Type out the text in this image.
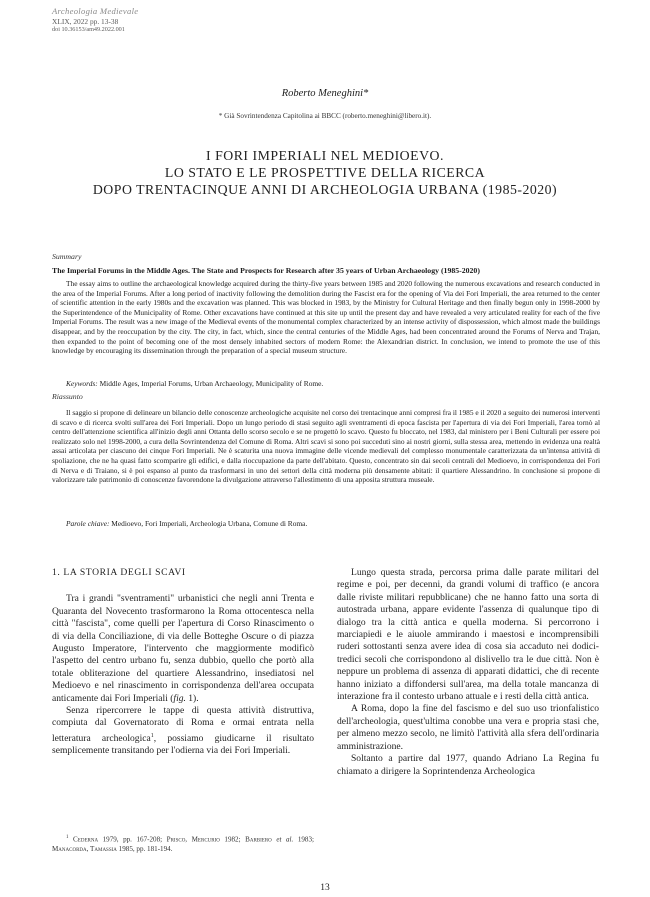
Archeologia Medievale
XLIX, 2022 pp. 13-38
doi 10.36153/am49.2022.001
Roberto Meneghini*
* Già Sovrintendenza Capitolina ai BBCC (roberto.meneghini@libero.it).
I FORI IMPERIALI NEL MEDIOEVO.
LO STATO E LE PROSPETTIVE DELLA RICERCA
DOPO TRENTACINQUE ANNI DI ARCHEOLOGIA URBANA (1985-2020)
Summary
The Imperial Forums in the Middle Ages. The State and Prospects for Research after 35 years of Urban Archaeology (1985-2020)
The essay aims to outline the archaeological knowledge acquired during the thirty-five years between 1985 and 2020 following the numerous excavations and research conducted in the area of the Imperial Forums. After a long period of inactivity following the demolition during the Fascist era for the opening of Via dei Fori Imperiali, the area returned to the center of scientific attention in the early 1980s and the excavation was planned. This was blocked in 1983, by the Ministry for Cultural Heritage and then finally begun only in 1998-2000 by the Superintendence of the Municipality of Rome. Other excavations have continued at this site up until the present day and have revealed a very articulated reality for each of the five Imperial Forums. The result was a new image of the Medieval events of the monumental complex characterized by an intense activity of dispossession, which almost made the buildings disappear, and by the reoccupation by the city. The city, in fact, which, since the central centuries of the Middle Ages, had been concentrated around the Forums of Nerva and Trajan, then expanded to the point of becoming one of the most densely inhabited sectors of modern Rome: the Alexandrian district. In conclusion, we intend to promote the use of this knowledge by encouraging its dissemination through the preparation of a special museum structure.
Keywords: Middle Ages, Imperial Forums, Urban Archaeology, Municipality of Rome.
Riassunto
Il saggio si propone di delineare un bilancio delle conoscenze archeologiche acquisite nel corso dei trentacinque anni compresi fra il 1985 e il 2020 a seguito dei numerosi interventi di scavo e di ricerca svolti sull'area dei Fori Imperiali. Dopo un lungo periodo di stasi seguito agli sventramenti di epoca fascista per l'apertura di via dei Fori Imperiali, l'area tornò al centro dell'attenzione scientifica all'inizio degli anni Ottanta dello scorso secolo e se ne progettò lo scavo. Questo fu bloccato, nel 1983, dal ministero per i Beni Culturali per essere poi realizzato solo nel 1998-2000, a cura della Sovrintendenza del Comune di Roma. Altri scavi si sono poi succeduti sino ai nostri giorni, sulla stessa area, mettendo in evidenza una realtà assai articolata per ciascuno dei cinque Fori Imperiali. Ne è scaturita una nuova immagine delle vicende medievali del complesso monumentale caratterizzata da un'intensa attività di spoliazione, che ne ha quasi fatto scomparire gli edifici, e dalla rioccupazione da parte dell'abitato. Questo, concentrato sin dai secoli centrali del Medioevo, in corrispondenza dei Fori di Nerva e di Traiano, si è poi espanso al punto da trasformarsi in uno dei settori della città moderna più densamente abitati: il quartiere Alessandrino. In conclusione si propone di valorizzare tale patrimonio di conoscenze favorendone la divulgazione attraverso l'allestimento di una apposita struttura museale.
Parole chiave: Medioevo, Fori Imperiali, Archeologia Urbana, Comune di Roma.

1. LA STORIA DEGLI SCAVI

Tra i grandi "sventramenti" urbanistici che negli anni Trenta e Quaranta del Novecento trasformarono la Roma ottocentesca nella città "fascista", come quelli per l'apertura di Corso Rinascimento o di via della Conciliazione, di via delle Botteghe Oscure o di piazza Augusto Imperatore, l'intervento che maggiormente modificò l'aspetto del centro urbano fu, senza dubbio, quello che portò alla totale obliterazione del quartiere Alessandrino, insediatosi nel Medioevo e nel rinascimento in corrispondenza dell'area occupata anticamente dai Fori Imperiali (fig. 1).

Senza ripercorrere le tappe di questa attività distruttiva, compiuta dal Governatorato di Roma e ormai entrata nella letteratura archeologica$^1$, possiamo giudicarne il risultato semplicemente transitando per l'odierna via dei Fori Imperiali.

Lungo questa strada, percorsa prima dalle parate militari del regime e poi, per decenni, da grandi volumi di traffico (e ancora dalle riviste militari repubblicane) che ne hanno fatto una sorta di autostrada urbana, appare evidente l'assenza di qualunque tipo di dialogo tra la città antica e quella moderna. Si percorrono i marciapiedi e le aiuole ammirando i maestosi e incomprensibili ruderi sottostanti senza avere idea di cosa sia accaduto nei dodici-tredici secoli che corrispondono al dislivello tra le due città. Non è neppure un problema di assenza di apparati didattici, che di recente hanno iniziato a diffondersi sull'area, ma della totale mancanza di interazione fra il contesto urbano attuale e i resti della città antica.

A Roma, dopo la fine del fascismo e del suo uso trionfalistico dell'archeologia, quest'ultima conobbe una vera e propria stasi che, per almeno mezzo secolo, ne limitò l'attività alla sfera dell'ordinaria amministrazione.

Soltanto a partire dal 1977, quando Adriano La Regina fu chiamato a dirigere la Soprintendenza Archeologica

$^1$ Cederna 1979, pp. 167-208; Prisco, Mercurio 1982; Barbiero et al. 1983; Manacorda, Tamassia 1985, pp. 181-194.
13
